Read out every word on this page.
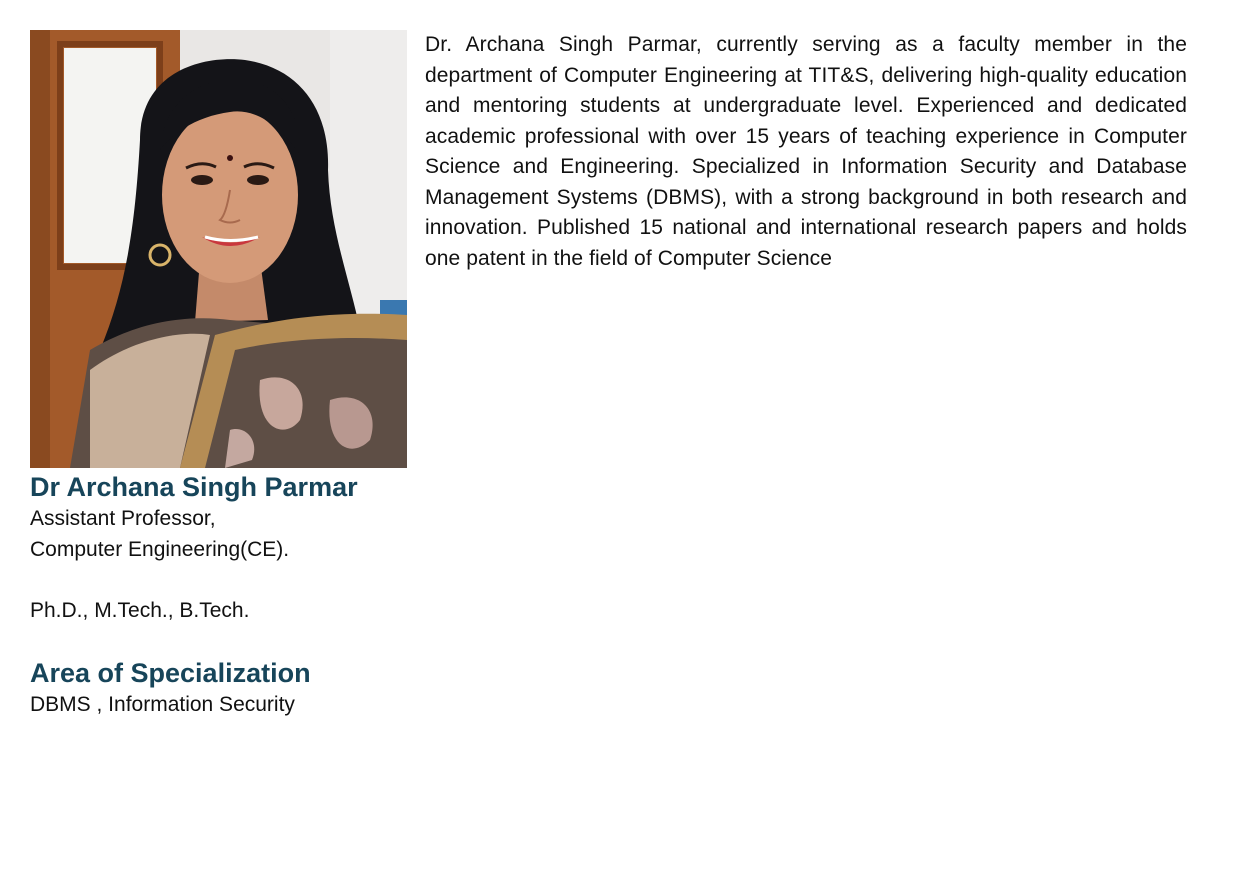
Dr. Archana Singh Parmar, currently serving as a faculty member in the department of Computer Engineering at TIT&S, delivering high-quality education and mentoring students at undergraduate level. Experienced and dedicated academic professional with over 15 years of teaching experience in Computer Science and Engineering. Specialized in Information Security and Database Management Systems (DBMS), with a strong background in both research and innovation. Published 15 national and international research papers and holds one patent in the field of Computer Science

Dr Archana Singh Parmar

Assistant Professor,

Computer Engineering(CE).

Ph.D., M.Tech., B.Tech.

Area of Specialization

DBMS , Information Security
